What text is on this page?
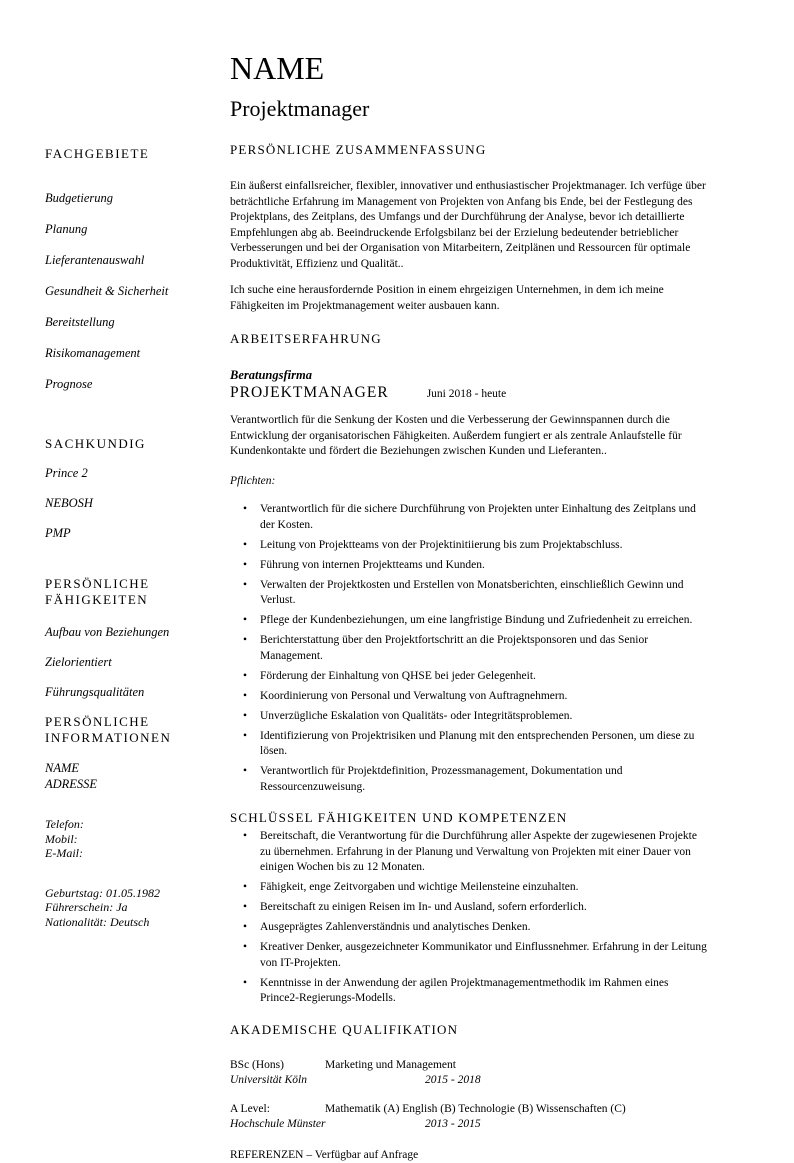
FACHGEBIETE
Budgetierung
Planung
Lieferantenauswahl
Gesundheit & Sicherheit
Bereitstellung
Risikomanagement
Prognose
SACHKUNDIG
Prince 2
NEBOSH
PMP
PERSÖNLICHE FÄHIGKEITEN
Aufbau von Beziehungen
Zielorientiert
Führungsqualitäten
PERSÖNLICHE INFORMATIONEN
NAME
ADRESSE
Telefon:
Mobil:
E-Mail:
Geburtstag: 01.05.1982
Führerschein: Ja
Nationalität: Deutsch
NAME
Projektmanager
PERSÖNLICHE ZUSAMMENFASSUNG

Ein äußerst einfallsreicher, flexibler, innovativer und enthusiastischer Projektmanager. Ich verfüge über beträchtliche Erfahrung im Management von Projekten von Anfang bis Ende, bei der Festlegung des Projektplans, des Zeitplans, des Umfangs und der Durchführung der Analyse, bevor ich detaillierte Empfehlungen abg ab. Beeindruckende Erfolgsbilanz bei der Erzielung bedeutender betrieblicher Verbesserungen und bei der Organisation von Mitarbeitern, Zeitplänen und Ressourcen für optimale Produktivität, Effizienz und Qualität..

Ich suche eine herausfordernde Position in einem ehrgeizigen Unternehmen, in dem ich meine Fähigkeiten im Projektmanagement weiter ausbauen kann.

ARBEITSERFAHRUNG
Beratungsfirma
PROJEKTMANAGER	Juni 2018 - heute

Verantwortlich für die Senkung der Kosten und die Verbesserung der Gewinnspannen durch die Entwicklung der organisatorischen Fähigkeiten. Außerdem fungiert er als zentrale Anlaufstelle für Kundenkontakte und fördert die Beziehungen zwischen Kunden und Lieferanten..

Pflichten:

• Verantwortlich für die sichere Durchführung von Projekten unter Einhaltung des Zeitplans und der Kosten.
• Leitung von Projektteams von der Projektinitiierung bis zum Projektabschluss.
• Führung von internen Projektteams und Kunden.
• Verwalten der Projektkosten und Erstellen von Monatsberichten, einschließlich Gewinn und Verlust.
• Pflege der Kundenbeziehungen, um eine langfristige Bindung und Zufriedenheit zu erreichen.
• Berichterstattung über den Projektfortschritt an die Projektsponsoren und das Senior Management.
• Förderung der Einhaltung von QHSE bei jeder Gelegenheit.
• Koordinierung von Personal und Verwaltung von Auftragnehmern.
• Unverzügliche Eskalation von Qualitäts- oder Integritätsproblemen.
• Identifizierung von Projektrisiken und Planung mit den entsprechenden Personen, um diese zu lösen.
• Verantwortlich für Projektdefinition, Prozessmanagement, Dokumentation und Ressourcenzuweisung.
SCHLÜSSEL FÄHIGKEITEN UND KOMPETENZEN
• Bereitschaft, die Verantwortung für die Durchführung aller Aspekte der zugewiesenen Projekte zu übernehmen. Erfahrung in der Planung und Verwaltung von Projekten mit einer Dauer von einigen Wochen bis zu 12 Monaten.
• Fähigkeit, enge Zeitvorgaben und wichtige Meilensteine einzuhalten.
• Bereitschaft zu einigen Reisen im In- und Ausland, sofern erforderlich.
• Ausgeprägtes Zahlenverständnis und analytisches Denken.
• Kreativer Denker, ausgezeichneter Kommunikator und Einflussnehmer. Erfahrung in der Leitung von IT-Projekten.
• Kenntnisse in der Anwendung der agilen Projektmanagementmethodik im Rahmen eines Prince2-Regierungs-Modells.
AKADEMISCHE QUALIFIKATION
BSc (Hons)	Marketing und Management
Universität Köln	2015 - 2018
A Level:	Mathematik (A) English (B) Technologie (B) Wissenschaften (C)
Hochschule Münster	2013 - 2015

REFERENZEN – Verfügbar auf Anfrage
